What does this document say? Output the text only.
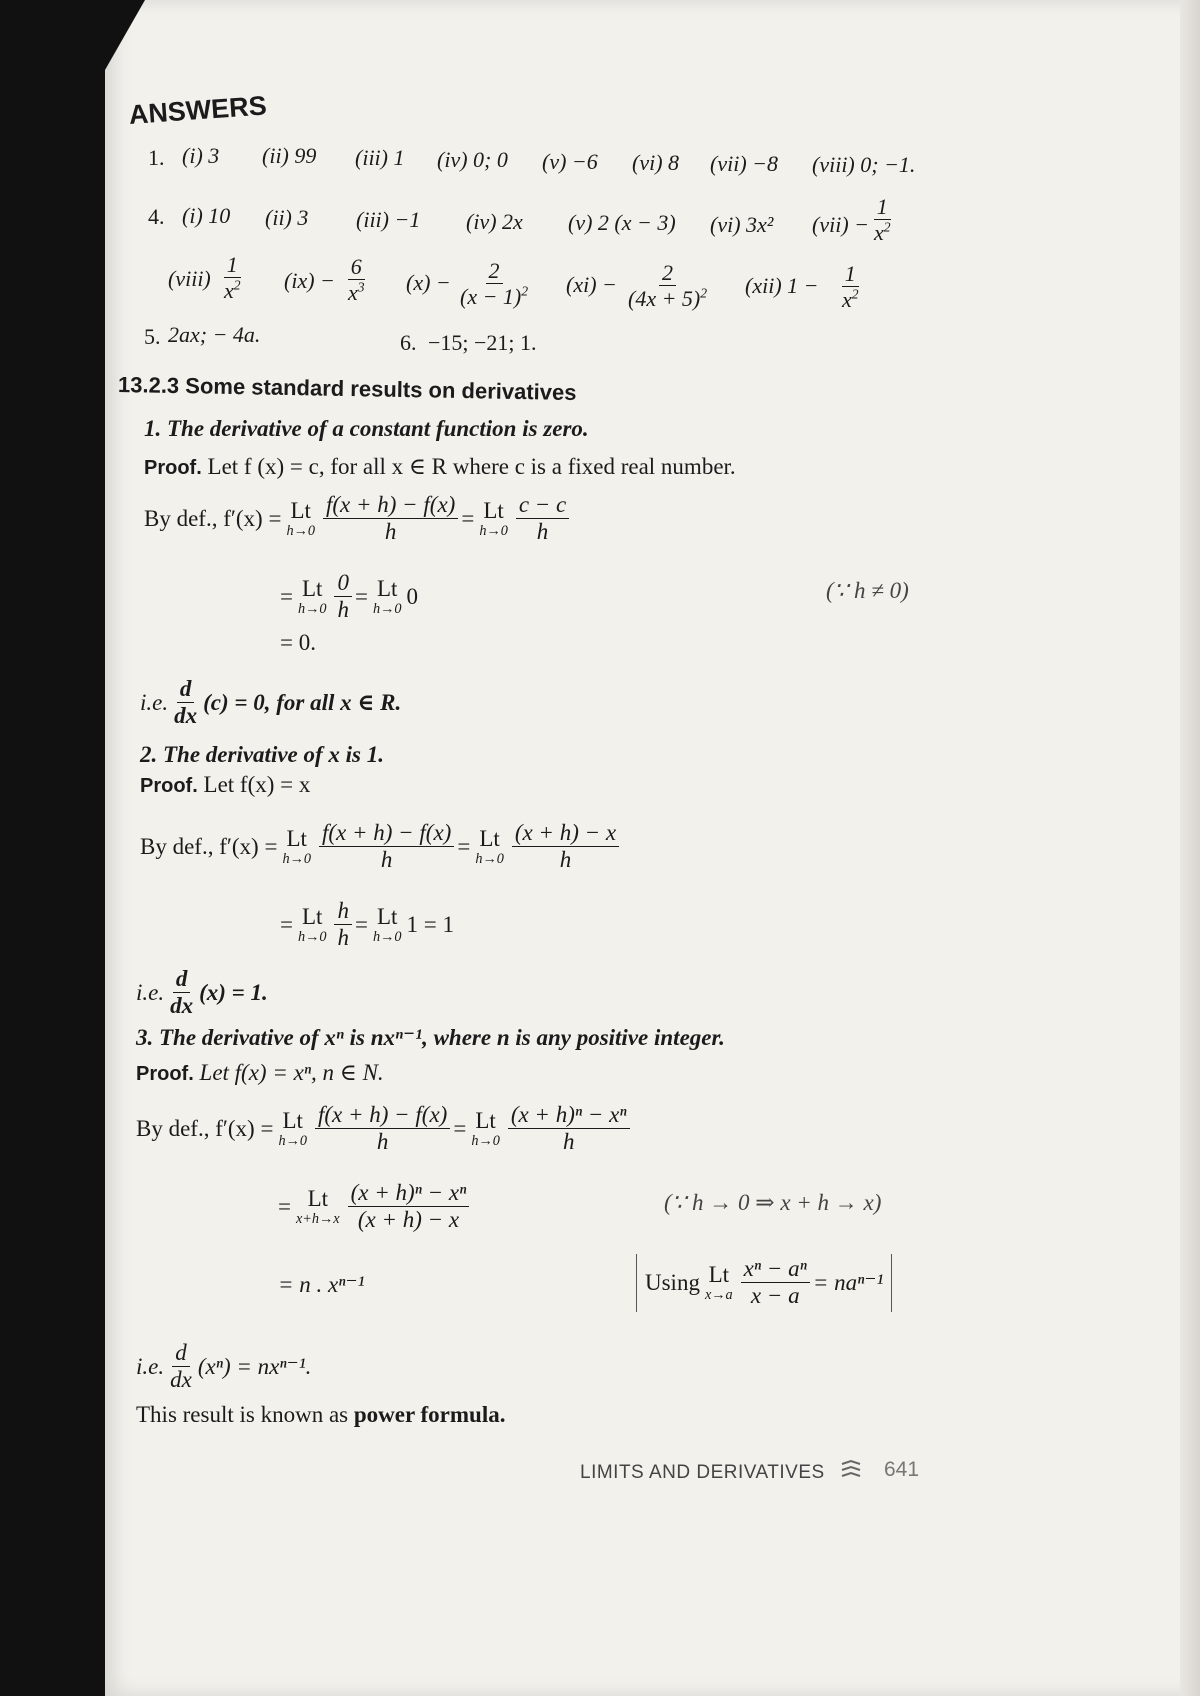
ANSWERS
1. (i) 3 (ii) 99 (iii) 1 (iv) 0; 0 (v) −6 (vi) 8 (vii) −8 (viii) 0; −1.
4. (i) 10 (ii) 3 (iii) −1 (iv) 2x (v) 2 (x − 3) (vi) 3x² $(vii) - \frac{1}{x^2}$
(viii) $\frac{1}{x^2} (ix) - \frac{6}{x^3} (x) - \frac{2}{(x - 1)^2} (xi) - \frac{2}{(4x + 5)^2} (xii) 1 - \frac{1}{x^2}$
5. 2ax; − 4a.	6. −15; −21; 1.
13.2.3 Some standard results on derivatives
1. The derivative of a constant function is zero.
Proof. Let f (x) = c, for all x ∈ R where c is a fixed real number.
By def., f′(x) = Lt
$h\to 0 \frac{f(x + h) - f(x)}{h} = Lt$
$h\to 0 \frac{c - c}{h}$
= Lt
$h\to 0 \frac{0}{h} = Lt$
h→0 0	(∵ h ≠ 0)
= 0.
i.e. $\frac{d}{dx} (c) = 0$, for all x ∈ R.
2. The derivative of x is 1.
Proof. Let f(x) = x
By def., f′(x) = Lt
$h\to 0 \frac{f(x + h) - f(x)}{h} = Lt$
$h\to 0 \frac{(x + h) - x}{h}$
= Lt
$h\to 0 \frac{h}{h} = Lt$
h→0 1 = 1
i.e. $\frac{d}{dx} (x) = 1$.
3. The derivative of xⁿ is nxⁿ⁻¹, where n is any positive integer.
Proof. Let f(x) = xⁿ, n ∈ N.
By def., f′(x) = Lt
$h\to 0 \frac{f(x + h) - f(x)}{h} = Lt$
$h\to 0 \frac{\text{(x + h)ⁿ − xⁿ}}{h}$
= Lt
$x+h\to x \frac{\text{(x + h)ⁿ − xⁿ}}{(x + h) - x}$	(∵ h → 0 ⇒ x + h → x)
= n . xⁿ⁻¹	Using Lt
$x\to a \frac{\text{xⁿ − aⁿ}}{x - a} = na^{n-1}$
i.e. $\frac{d}{dx} (x^n) = nx^{n-1}$.
This result is known as power formula.
LIMITS AND DERIVATIVES	641
